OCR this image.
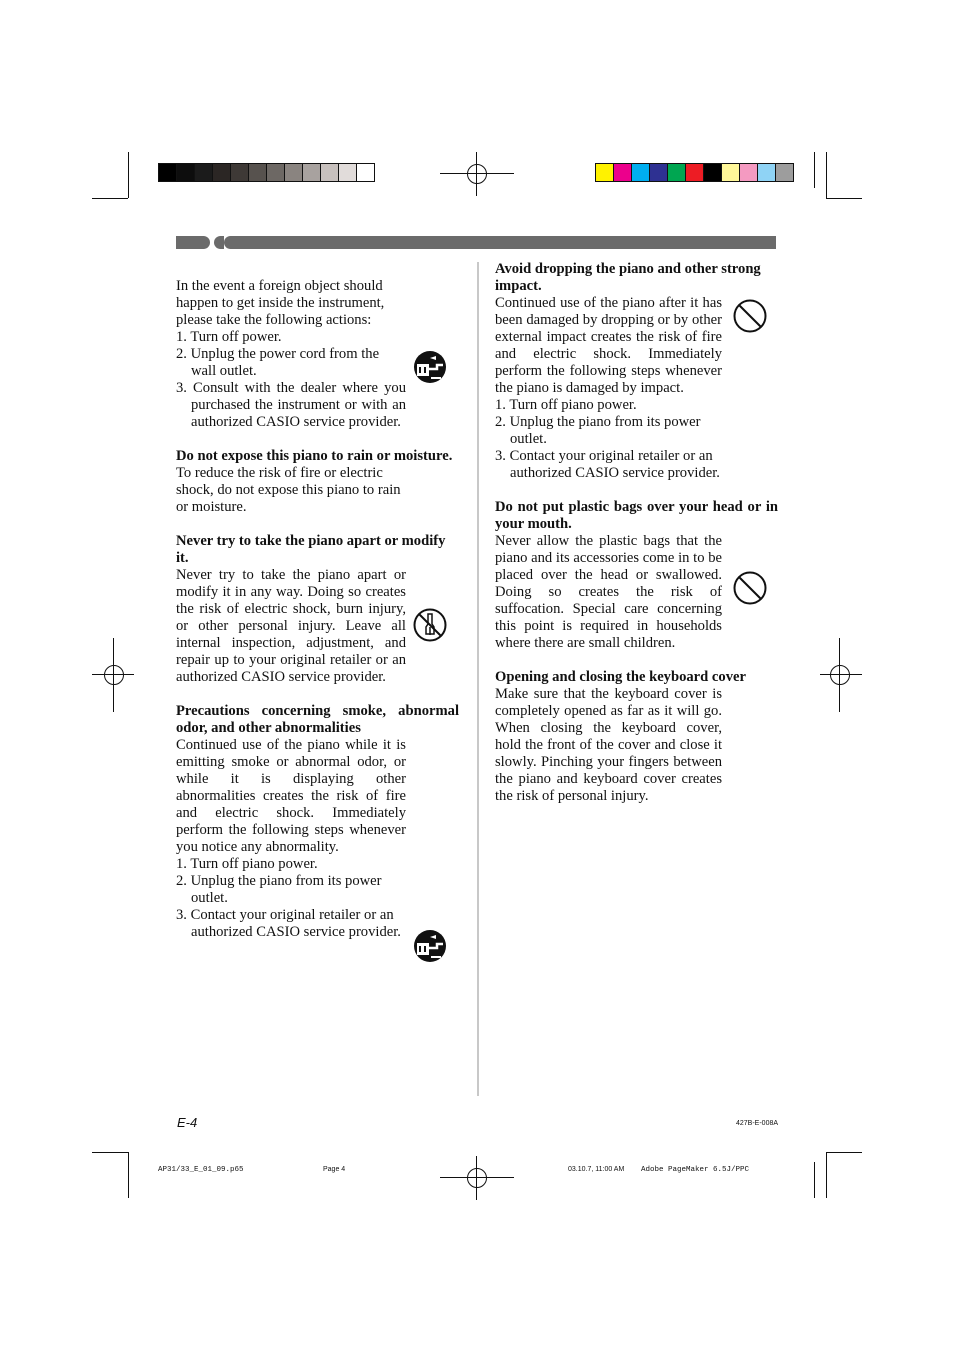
In the event a foreign object should happen to get inside the instrument, please take the following actions:

1. Turn off power.
2. Unplug the power cord from the wall outlet.
3. Consult with the dealer where you purchased the instrument or with an authorized CASIO service provider.
Do not expose this piano to rain or moisture.

To reduce the risk of fire or electric shock, do not expose this piano to rain or moisture.

Never try to take the piano apart or modify it.

Never try to take the piano apart or modify it in any way. Doing so creates the risk of electric shock, burn injury, or other personal injury. Leave all internal inspection, adjustment, and repair up to your original retailer or an authorized CASIO service provider.

Precautions concerning smoke, abnormal odor, and other abnormalities

Continued use of the piano while it is emitting smoke or abnormal odor, or while it is displaying other abnormalities creates the risk of fire and electric shock. Immediately perform the following steps whenever you notice any abnormality.

1. Turn off piano power.
2. Unplug the piano from its power outlet.
3. Contact your original retailer or an authorized CASIO service provider.
Avoid dropping the piano and other strong impact.

Continued use of the piano after it has been damaged by dropping or by other external impact creates the risk of fire and electric shock. Immediately perform the following steps whenever the piano is damaged by impact.

1. Turn off piano power.
2. Unplug the piano from its power outlet.
3. Contact your original retailer or an authorized CASIO service provider.
Do not put plastic bags over your head or in your mouth.

Never allow the plastic bags that the piano and its accessories come in to be placed over the head or swallowed. Doing so creates the risk of suffocation. Special care concerning this point is required in households where there are small children.

Opening and closing the keyboard cover

Make sure that the keyboard cover is completely opened as far as it will go. When closing the keyboard cover, hold the front of the cover and close it slowly. Pinching your fingers between the piano and keyboard cover creates the risk of personal injury.

E-4	427B-E-008A
AP31/33_E_01_09.p65	Page 4	03.10.7, 11:00 AM Adobe PageMaker 6.5J/PPC
